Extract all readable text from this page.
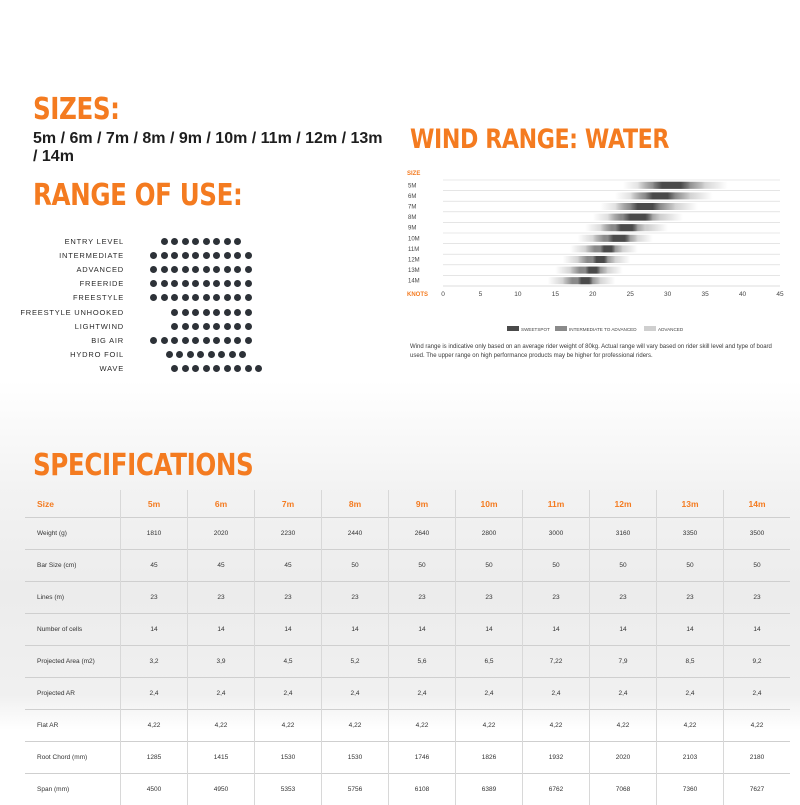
SIZES:
5m / 6m / 7m / 8m / 9m / 10m / 11m / 12m / 13m / 14m
RANGE OF USE:
ENTRY LEVEL
INTERMEDIATE
ADVANCED
FREERIDE
FREESTYLE
FREESTYLE UNHOOKED
LIGHTWIND
BIG AIR
HYDRO FOIL
WAVE
WIND RANGE: WATER
SIZE
5M
6M
7M
8M
9M
10M
11M
12M
13M
14M
KNOTS 0	5	10	15	20	25	30	35	40	45
SWEETSPOT	INTERMEDIATE TO ADVANCED	ADVANCED
Wind range is indicative only based on an average rider weight of 80kg. Actual range will vary based on rider skill level and type of board used. The upper range on high performance products may be higher for professional riders.
SPECIFICATIONS
Size	5m	6m	7m	8m	9m	10m	11m	12m	13m	14m
Weight (g)	1810	2020	2230	2440	2640	2800	3000	3160	3350	3500
Bar Size (cm)	45	45	45	50	50	50	50	50	50	50
Lines (m)	23	23	23	23	23	23	23	23	23	23
Number of cells	14	14	14	14	14	14	14	14	14	14
Projected Area (m2)	3,2	3,9	4,5	5,2	5,6	6,5	7,22	7,9	8,5	9,2
Projected AR	2,4	2,4	2,4	2,4	2,4	2,4	2,4	2,4	2,4	2,4
Flat AR	4,22	4,22	4,22	4,22	4,22	4,22	4,22	4,22	4,22	4,22
Root Chord (mm)	1285	1415	1530	1530	1746	1826	1932	2020	2103	2180
Span (mm)	4500	4950	5353	5756	6108	6389	6762	7068	7360	7627
